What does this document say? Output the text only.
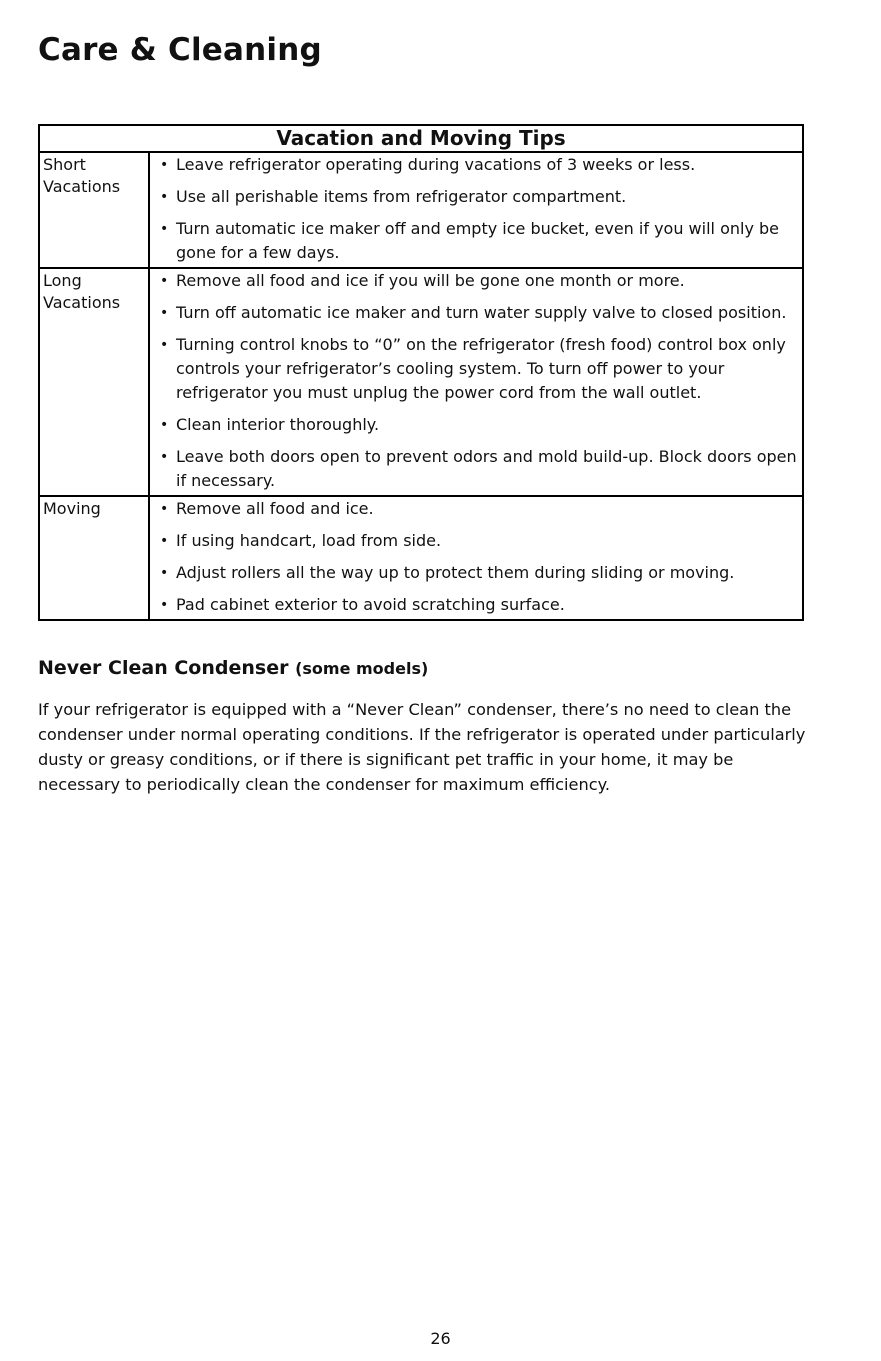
Care & Cleaning
Vacation and Moving Tips
Short
Vacations

• Leave refrigerator operating during vacations of 3 weeks or less.

• Use all perishable items from refrigerator compartment.

• Turn automatic ice maker off and empty ice bucket, even if you will only be gone for a few days.

Long
Vacations

• Remove all food and ice if you will be gone one month or more.

• Turn off automatic ice maker and turn water supply valve to closed position.

• Turning control knobs to “0” on the refrigerator (fresh food) control box only controls your refrigerator’s cooling system. To turn off power to your refrigerator you must unplug the power cord from the wall outlet.

• Clean interior thoroughly.

• Leave both doors open to prevent odors and mold build-up. Block doors open if necessary.

Moving	• Remove all food and ice.

• If using handcart, load from side.

• Adjust rollers all the way up to protect them during sliding or moving.

• Pad cabinet exterior to avoid scratching surface.

Never Clean Condenser (some models)

If your refrigerator is equipped with a “Never Clean” condenser, there’s no need to clean the condenser under normal operating conditions. If the refrigerator is operated under particularly dusty or greasy conditions, or if there is significant pet traffic in your home, it may be necessary to periodically clean the condenser for maximum efficiency.

26
